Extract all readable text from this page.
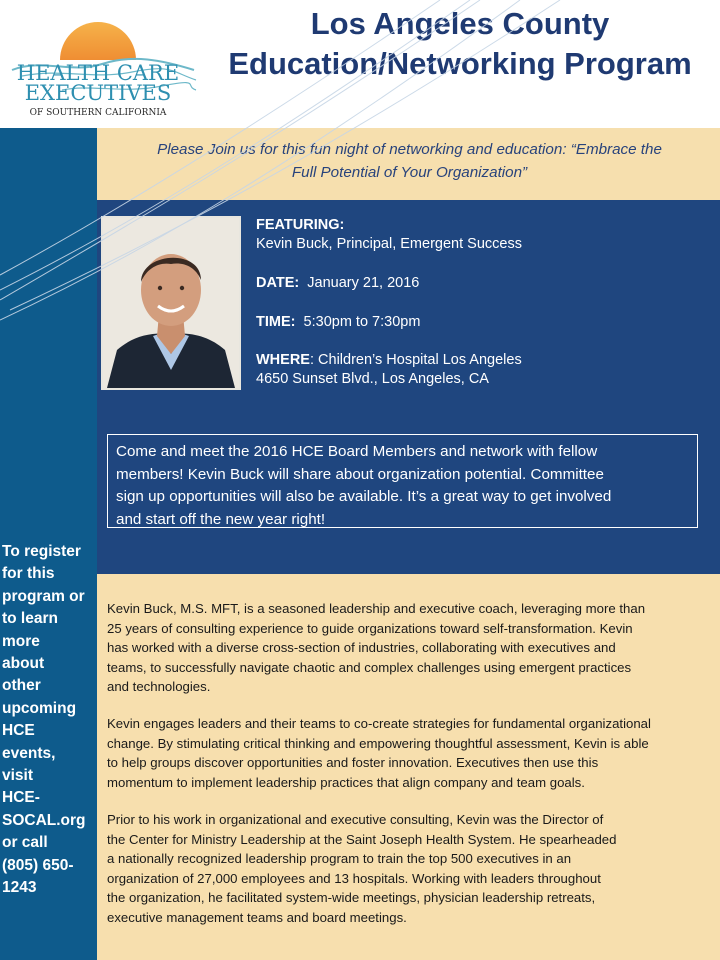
HEALTH CARE
EXECUTIVES
OF SOUTHERN CALIFORNIA
Los Angeles County
Education/Networking Program
To register
for this
program or
to learn
more
about
other
upcoming
HCE
events,
visit
HCE-
SOCAL.org
or call
(805) 650-
1243
Please Join us for this fun night of networking and education: “Embrace the
Full Potential of Your Organization”
FEATURING:
Kevin Buck, Principal, Emergent Success
DATE: January 21, 2016
TIME: 5:30pm to 7:30pm
WHERE: Children’s Hospital Los Angeles
4650 Sunset Blvd., Los Angeles, CA
Come and meet the 2016 HCE Board Members and network with fellow
members! Kevin Buck will share about organization potential. Committee
sign up opportunities will also be available. It’s a great way to get involved
and start off the new year right!
Kevin Buck, M.S. MFT, is a seasoned leadership and executive coach, leveraging more than
25 years of consulting experience to guide organizations toward self-transformation. Kevin
has worked with a diverse cross-section of industries, collaborating with executives and
teams, to successfully navigate chaotic and complex challenges using emergent practices
and technologies.
Kevin engages leaders and their teams to co-create strategies for fundamental organizational
change. By stimulating critical thinking and empowering thoughtful assessment, Kevin is able
to help groups discover opportunities and foster innovation. Executives then use this
momentum to implement leadership practices that align company and team goals.
Prior to his work in organizational and executive consulting, Kevin was the Director of
the Center for Ministry Leadership at the Saint Joseph Health System. He spearheaded
a nationally recognized leadership program to train the top 500 executives in an
organization of 27,000 employees and 13 hospitals. Working with leaders throughout
the organization, he facilitated system-wide meetings, physician leadership retreats,
executive management teams and board meetings.
